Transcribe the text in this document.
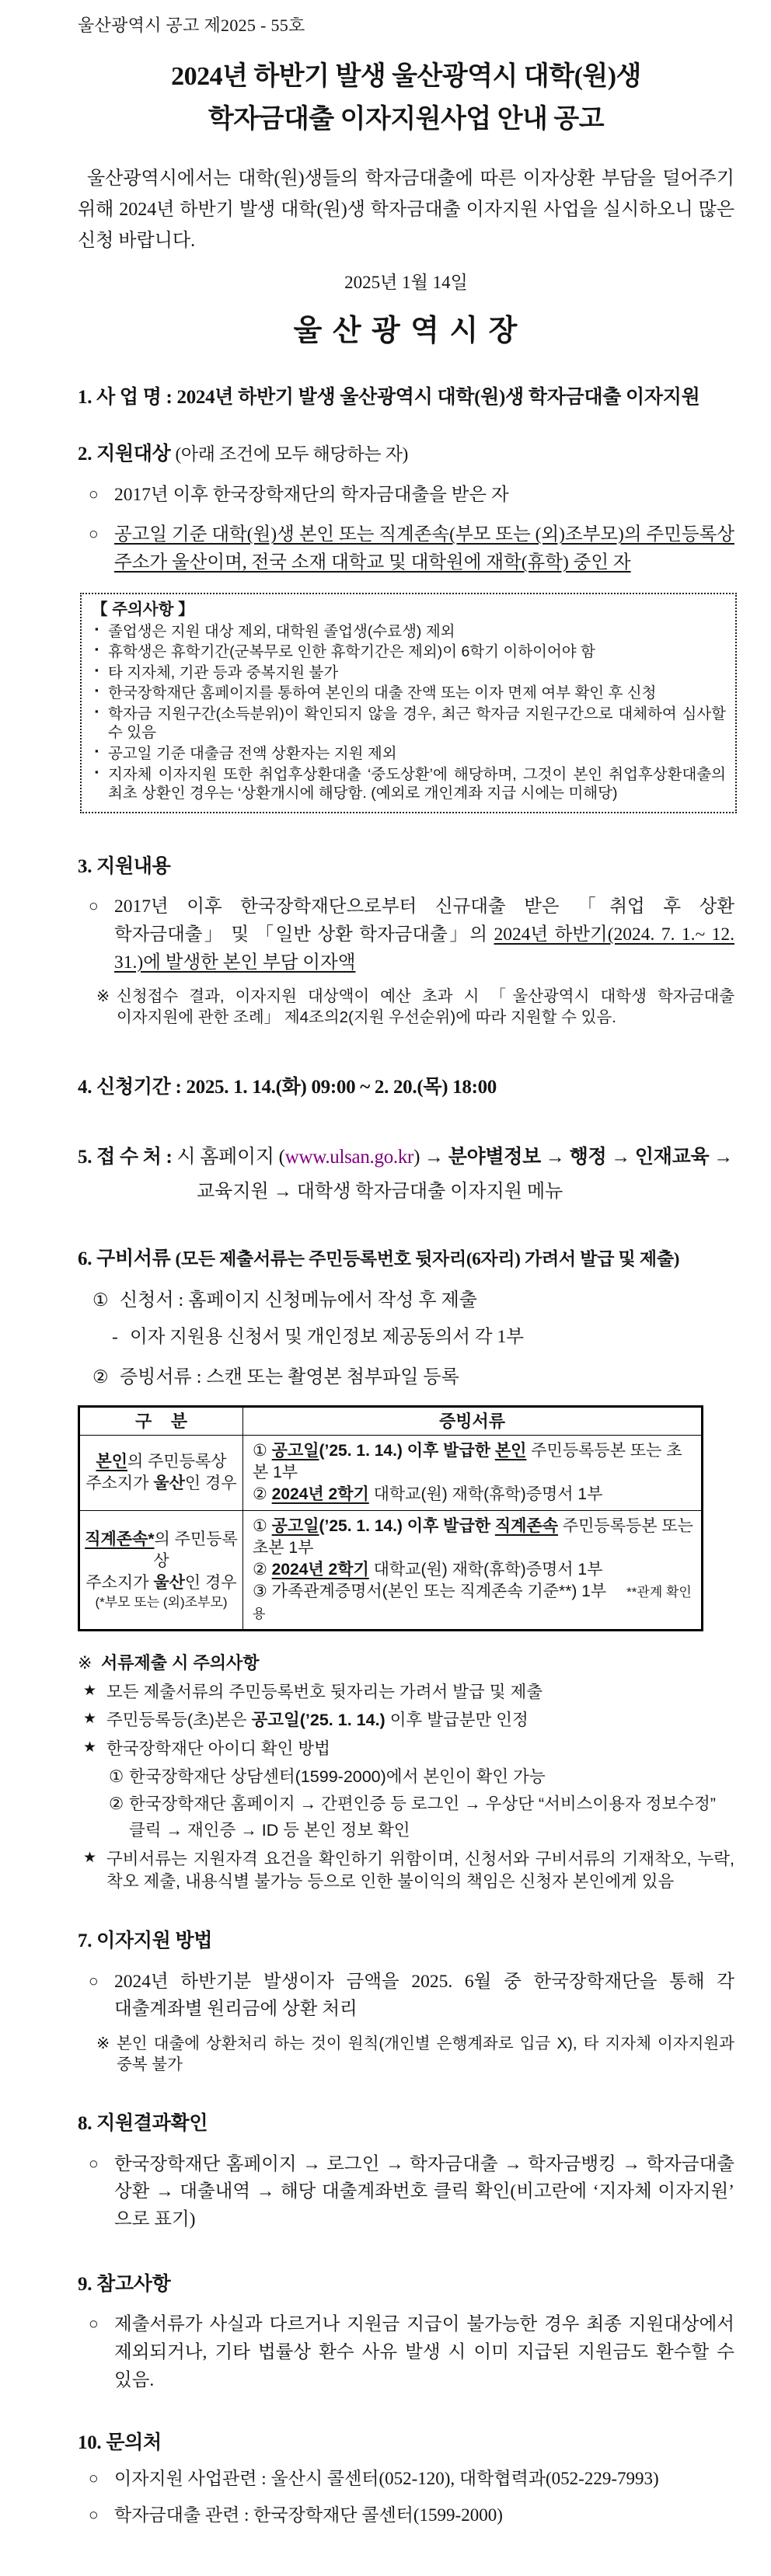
울산광역시 공고 제2025 - 55호

2024년 하반기 발생 울산광역시 대학(원)생
학자금대출 이자지원사업 안내 공고

울산광역시에서는 대학(원)생들의 학자금대출에 따른 이자상환 부담을 덜어주기 위해 2024년 하반기 발생 대학(원)생 학자금대출 이자지원 사업을 실시하오니 많은 신청 바랍니다.

2025년 1월 14일

울 산 광 역 시 장

1. 사 업 명 : 2024년 하반기 발생 울산광역시 대학(원)생 학자금대출 이자지원

2. 지원대상 (아래 조건에 모두 해당하는 자)

○ 2017년 이후 한국장학재단의 학자금대출을 받은 자
○ 공고일 기준 대학(원)생 본인 또는 직계존속(부모 또는 (외)조부모)의 주민등록상 주소가 울산이며, 전국 소재 대학교 및 대학원에 재학(휴학) 중인 자

【 주의사항 】

▪ 졸업생은 지원 대상 제외, 대학원 졸업생(수료생) 제외
▪ 휴학생은 휴학기간(군복무로 인한 휴학기간은 제외)이 6학기 이하이어야 함
▪ 타 지자체, 기관 등과 중복지원 불가
▪ 한국장학재단 홈페이지를 통하여 본인의 대출 잔액 또는 이자 면제 여부 확인 후 신청
▪ 학자금 지원구간(소득분위)이 확인되지 않을 경우, 최근 학자금 지원구간으로 대체하여 심사할 수 있음
▪ 공고일 기준 대출금 전액 상환자는 지원 제외
▪ 지자체 이자지원 또한 취업후상환대출 ‘중도상환’에 해당하며, 그것이 본인 취업후상환대출의 최초 상환인 경우는 ‘상환개시에 해당함. (예외로 개인계좌 지급 시에는 미해당)

3. 지원내용

○ 2017년 이후 한국장학재단으로부터 신규대출 받은 「취업 후 상환 학자금대출」 및 「일반 상환 학자금대출」의 2024년 하반기(2024. 7. 1.~ 12. 31.)에 발생한 본인 부담 이자액
※ 신청접수 결과, 이자지원 대상액이 예산 초과 시 「울산광역시 대학생 학자금대출 이자지원에 관한 조례」 제4조의2(지원 우선순위)에 따라 지원할 수 있음.

4. 신청기간 : 2025. 1. 14.(화) 09:00 ~ 2. 20.(목) 18:00

5. 접 수 처 : 시 홈페이지 (www.ulsan.go.kr) → 분야별정보 → 행정 → 인재교육 →

교육지원 → 대학생 학자금대출 이자지원 메뉴

6. 구비서류 (모든 제출서류는 주민등록번호 뒷자리(6자리) 가려서 발급 및 제출)

① 신청서 : 홈페이지 신청메뉴에서 작성 후 제출
- 이자 지원용 신청서 및 개인정보 제공동의서 각 1부
② 증빙서류 : 스캔 또는 촬영본 첨부파일 등록
구    분	증빙서류

본인의 주민등록상
주소지가 울산인 경우	① 공고일(’25. 1. 14.) 이후 발급한 본인 주민등록등본 또는 초본 1부
② 2024년 2학기 대학교(원) 재학(휴학)증명서 1부

직계존속*의 주민등록상
주소지가 울산인 경우
(*부모 또는 (외)조부모)	① 공고일(’25. 1. 14.) 이후 발급한 직계존속 주민등록등본 또는 초본 1부
② 2024년 2학기 대학교(원) 재학(휴학)증명서 1부
③ 가족관계증명서(본인 또는 직계존속 기준**) 1부 **관계 확인용

※ 서류제출 시 주의사항

★ 모든 제출서류의 주민등록번호 뒷자리는 가려서 발급 및 제출
★ 주민등록등(초)본은 공고일(’25. 1. 14.) 이후 발급분만 인정
★ 한국장학재단 아이디 확인 방법
① 한국장학재단 상담센터(1599-2000)에서 본인이 확인 가능
② 한국장학재단 홈페이지 → 간편인증 등 로그인 → 우상단 “서비스이용자 정보수정”

클릭 → 재인증 → ID 등 본인 정보 확인

★ 구비서류는 지원자격 요건을 확인하기 위함이며, 신청서와 구비서류의 기재착오, 누락, 착오 제출, 내용식별 불가능 등으로 인한 불이익의 책임은 신청자 본인에게 있음

7. 이자지원 방법

○ 2024년 하반기분 발생이자 금액을 2025. 6월 중 한국장학재단을 통해 각 대출계좌별 원리금에 상환 처리
※ 본인 대출에 상환처리 하는 것이 원칙(개인별 은행계좌로 입금 X), 타 지자체 이자지원과 중복 불가

8. 지원결과확인

○ 한국장학재단 홈페이지 → 로그인 → 학자금대출 → 학자금뱅킹 → 학자금대출 상환 → 대출내역 → 해당 대출계좌번호 클릭 확인(비고란에 ‘지자체 이자지원’ 으로 표기)

9. 참고사항

○ 제출서류가 사실과 다르거나 지원금 지급이 불가능한 경우 최종 지원대상에서 제외되거나, 기타 법률상 환수 사유 발생 시 이미 지급된 지원금도 환수할 수 있음.

10. 문의처

○ 이자지원 사업관련 : 울산시 콜센터(052-120), 대학협력과(052-229-7993)
○ 학자금대출 관련 : 한국장학재단 콜센터(1599-2000)
